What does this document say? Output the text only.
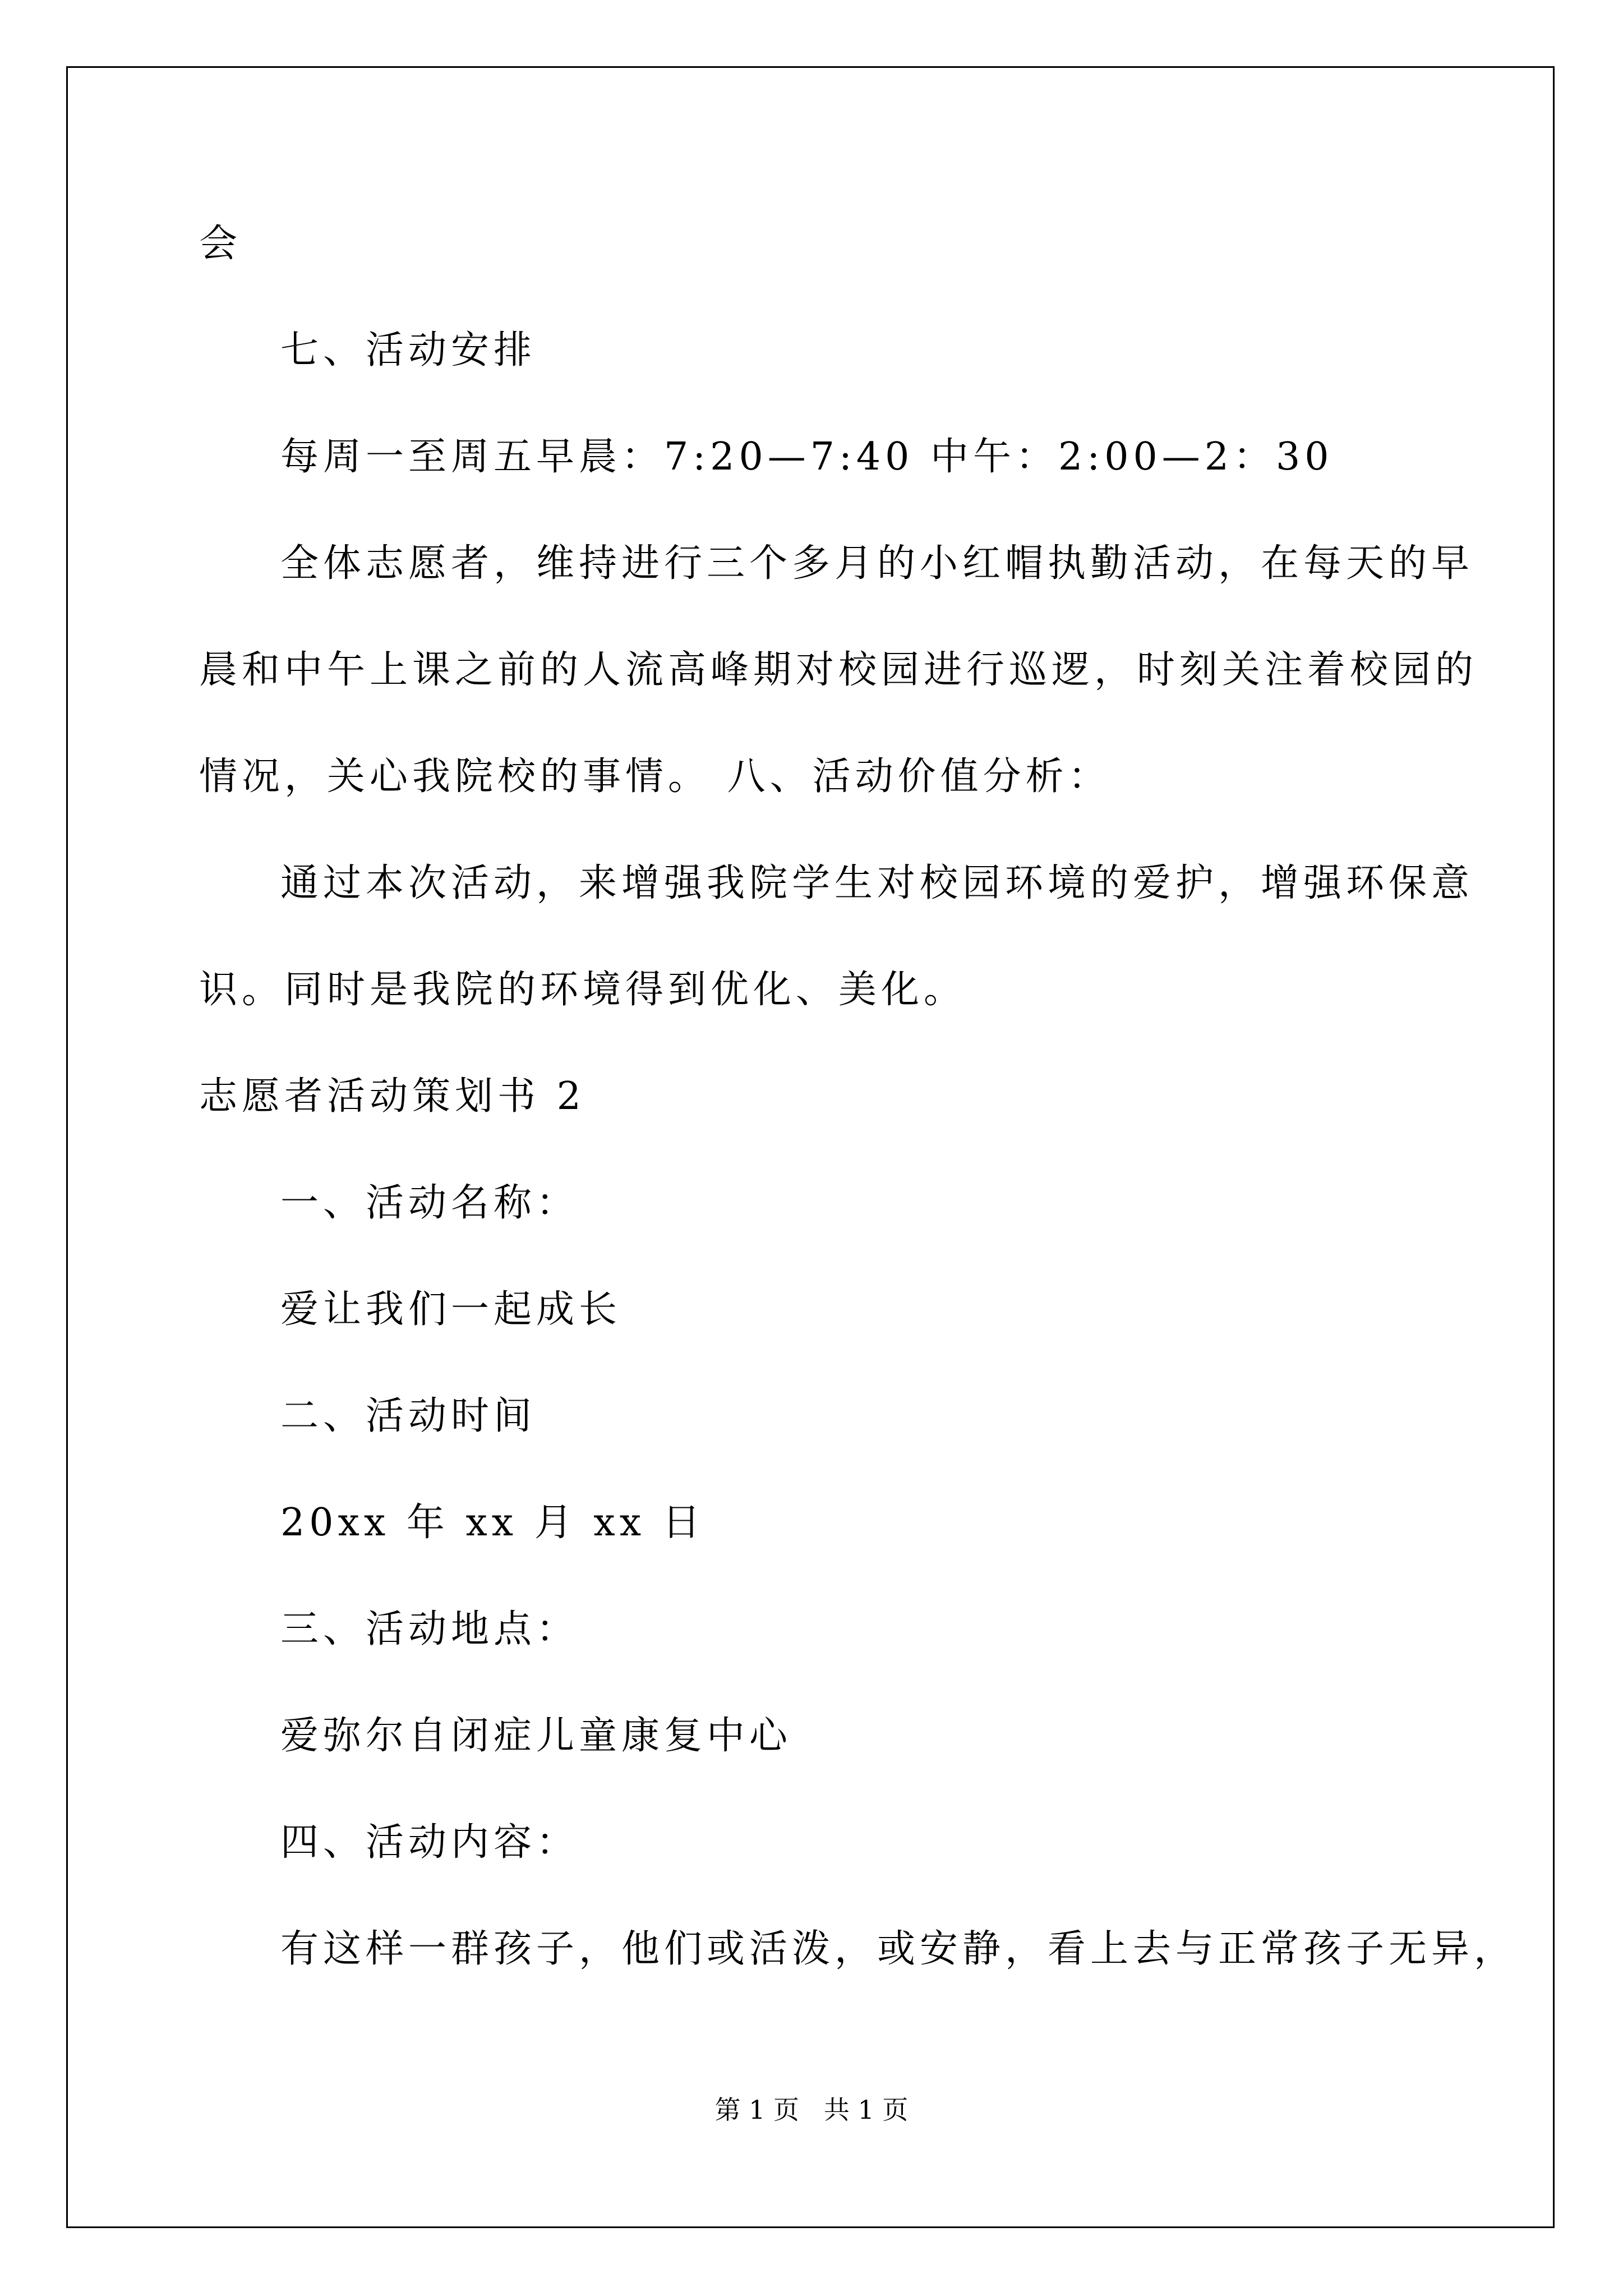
会
七、活动安排
每周一至周五早晨：7:20—7:40 中午：2:00—2：30
全体志愿者，维持进行三个多月的小红帽执勤活动，在每天的早
晨和中午上课之前的人流高峰期对校园进行巡逻，时刻关注着校园的
情况，关心我院校的事情。 八、活动价值分析：
通过本次活动，来增强我院学生对校园环境的爱护，增强环保意
识。同时是我院的环境得到优化、美化。
志愿者活动策划书 2
一、活动名称：
爱让我们一起成长
二、活动时间
20xx 年 xx 月 xx 日
三、活动地点：
爱弥尔自闭症儿童康复中心
四、活动内容：
有这样一群孩子，他们或活泼，或安静，看上去与正常孩子无异，
第 1 页   共 1 页
